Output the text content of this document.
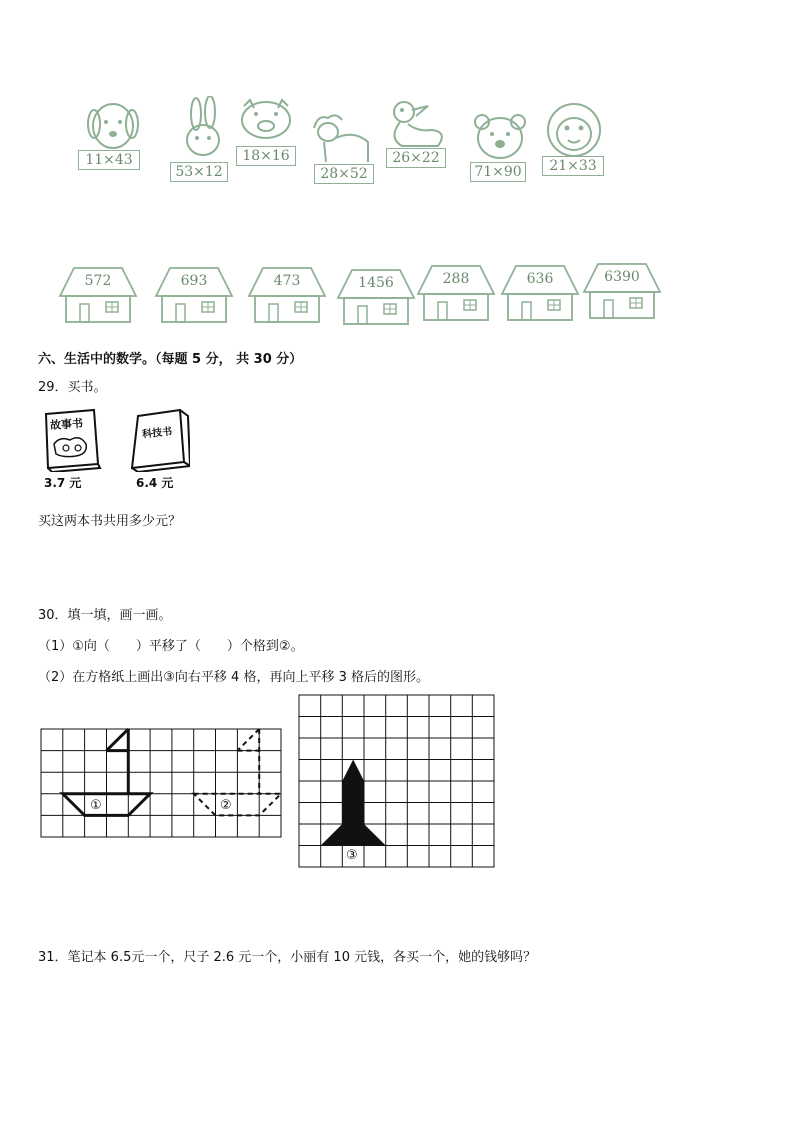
11×43
53×12
18×16
28×52
26×22
71×90	21×33
572	693	473	1456	288	636	6390
六、生活中的数学。（每题 5 分， 共 30 分）
29．买书。
故事书
3.7 元
科技书
6.4 元
买这两本书共用多少元？
30．填一填，画一画。
（1）①向（　　）平移了（　　）个格到②。
（2）在方格纸上画出③向右平移 4 格，再向上平移 3 格后的图形。
①	②
③
31．笔记本 6.5元一个，尺子 2.6 元一个，小丽有 10 元钱，各买一个，她的钱够吗？
